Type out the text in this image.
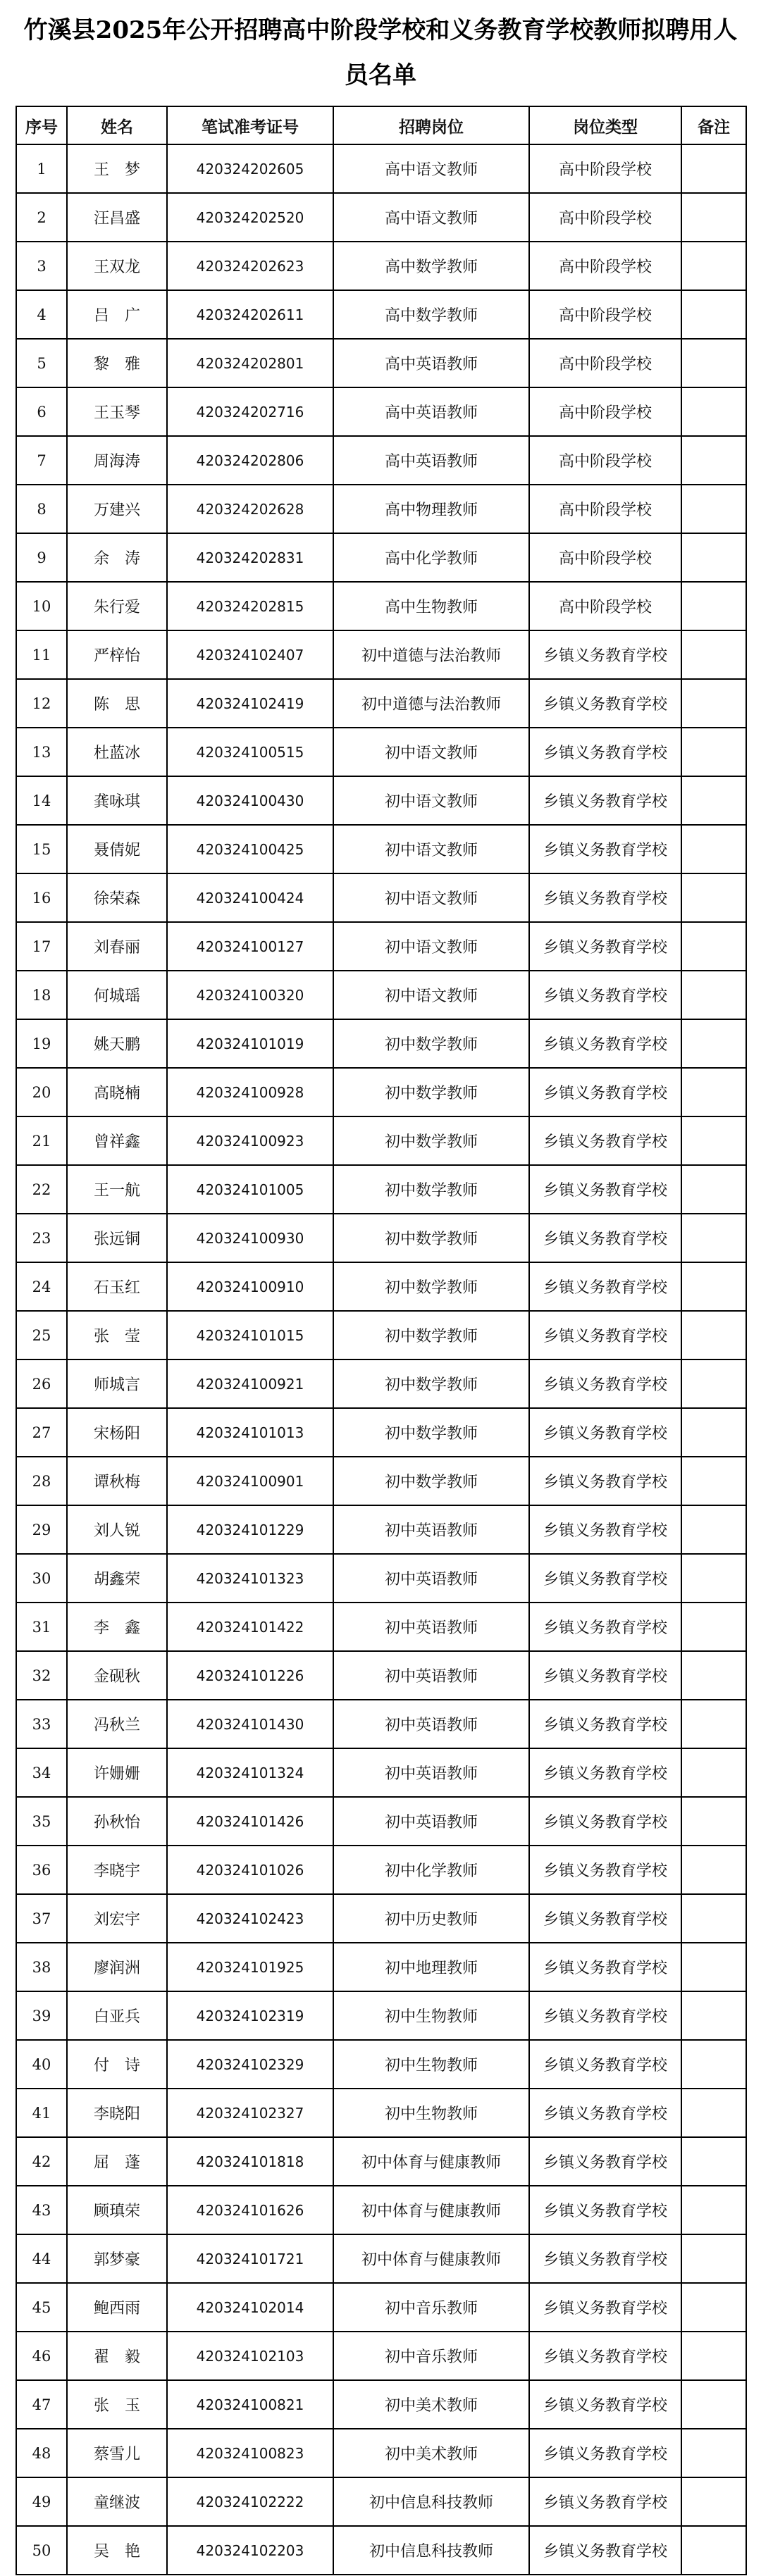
竹溪县2025年公开招聘高中阶段学校和义务教育学校教师拟聘用人员名单
序号	姓名	笔试准考证号	招聘岗位	岗位类型	备注
1	王　梦	420324202605	高中语文教师	高中阶段学校	
2	汪昌盛	420324202520	高中语文教师	高中阶段学校	
3	王双龙	420324202623	高中数学教师	高中阶段学校	
4	吕　广	420324202611	高中数学教师	高中阶段学校	
5	黎　雅	420324202801	高中英语教师	高中阶段学校	
6	王玉琴	420324202716	高中英语教师	高中阶段学校	
7	周海涛	420324202806	高中英语教师	高中阶段学校	
8	万建兴	420324202628	高中物理教师	高中阶段学校	
9	余　涛	420324202831	高中化学教师	高中阶段学校	
10	朱行爱	420324202815	高中生物教师	高中阶段学校	
11	严梓怡	420324102407	初中道德与法治教师	乡镇义务教育学校	
12	陈　思	420324102419	初中道德与法治教师	乡镇义务教育学校	
13	杜蓝冰	420324100515	初中语文教师	乡镇义务教育学校	
14	龚咏琪	420324100430	初中语文教师	乡镇义务教育学校	
15	聂倩妮	420324100425	初中语文教师	乡镇义务教育学校	
16	徐荣森	420324100424	初中语文教师	乡镇义务教育学校	
17	刘春丽	420324100127	初中语文教师	乡镇义务教育学校	
18	何城瑶	420324100320	初中语文教师	乡镇义务教育学校	
19	姚天鹏	420324101019	初中数学教师	乡镇义务教育学校	
20	高晓楠	420324100928	初中数学教师	乡镇义务教育学校	
21	曾祥鑫	420324100923	初中数学教师	乡镇义务教育学校	
22	王一航	420324101005	初中数学教师	乡镇义务教育学校	
23	张远铜	420324100930	初中数学教师	乡镇义务教育学校	
24	石玉红	420324100910	初中数学教师	乡镇义务教育学校	
25	张　莹	420324101015	初中数学教师	乡镇义务教育学校	
26	师城言	420324100921	初中数学教师	乡镇义务教育学校	
27	宋杨阳	420324101013	初中数学教师	乡镇义务教育学校	
28	谭秋梅	420324100901	初中数学教师	乡镇义务教育学校	
29	刘人锐	420324101229	初中英语教师	乡镇义务教育学校	
30	胡鑫荣	420324101323	初中英语教师	乡镇义务教育学校	
31	李　鑫	420324101422	初中英语教师	乡镇义务教育学校	
32	金砚秋	420324101226	初中英语教师	乡镇义务教育学校	
33	冯秋兰	420324101430	初中英语教师	乡镇义务教育学校	
34	许姗姗	420324101324	初中英语教师	乡镇义务教育学校	
35	孙秋怡	420324101426	初中英语教师	乡镇义务教育学校	
36	李晓宇	420324101026	初中化学教师	乡镇义务教育学校	
37	刘宏宇	420324102423	初中历史教师	乡镇义务教育学校	
38	廖润洲	420324101925	初中地理教师	乡镇义务教育学校	
39	白亚兵	420324102319	初中生物教师	乡镇义务教育学校	
40	付　诗	420324102329	初中生物教师	乡镇义务教育学校	
41	李晓阳	420324102327	初中生物教师	乡镇义务教育学校	
42	屈　蓬	420324101818	初中体育与健康教师	乡镇义务教育学校	
43	顾瑱荣	420324101626	初中体育与健康教师	乡镇义务教育学校	
44	郭梦豪	420324101721	初中体育与健康教师	乡镇义务教育学校	
45	鲍西雨	420324102014	初中音乐教师	乡镇义务教育学校	
46	翟　毅	420324102103	初中音乐教师	乡镇义务教育学校	
47	张　玉	420324100821	初中美术教师	乡镇义务教育学校	
48	蔡雪儿	420324100823	初中美术教师	乡镇义务教育学校	
49	童继波	420324102222	初中信息科技教师	乡镇义务教育学校	
50	吴　艳	420324102203	初中信息科技教师	乡镇义务教育学校	
